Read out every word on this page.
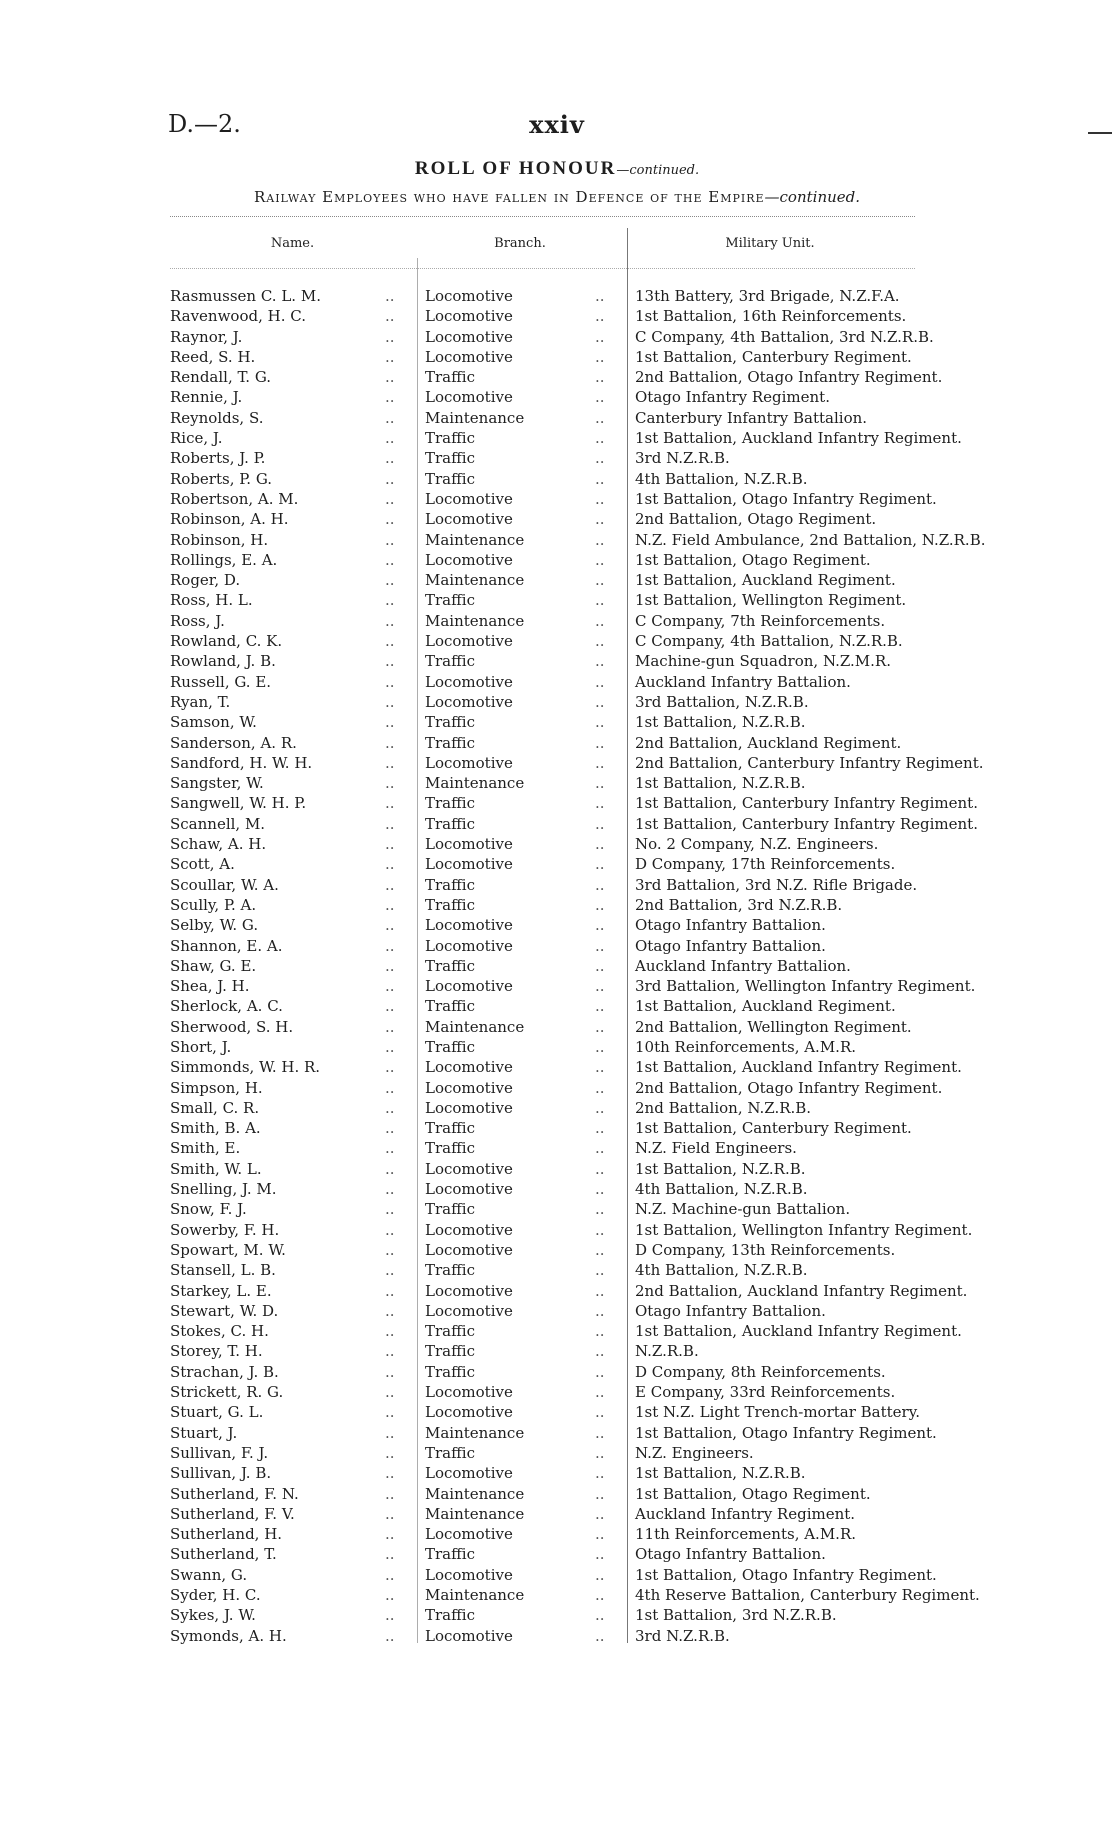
D.—2.	xxiv
ROLL OF HONOUR—continued.
Railway Employees who have fallen in Defence of the Empire—continued.
Name.	Branch.	Military Unit.
Rasmussen C. L. M.	.. Locomotive	.. 13th Battery, 3rd Brigade, N.Z.F.A.
Ravenwood, H. C.	.. Locomotive	.. 1st Battalion, 16th Reinforcements.
Raynor, J.	.. Locomotive	.. C Company, 4th Battalion, 3rd N.Z.R.B.
Reed, S. H.	.. Locomotive	.. 1st Battalion, Canterbury Regiment.
Rendall, T. G.	.. Traffic	.. 2nd Battalion, Otago Infantry Regiment.
Rennie, J.	.. Locomotive	.. Otago Infantry Regiment.
Reynolds, S.	.. Maintenance	.. Canterbury Infantry Battalion.
Rice, J.	.. Traffic	.. 1st Battalion, Auckland Infantry Regiment.
Roberts, J. P.	.. Traffic	.. 3rd N.Z.R.B.
Roberts, P. G.	.. Traffic	.. 4th Battalion, N.Z.R.B.
Robertson, A. M.	.. Locomotive	.. 1st Battalion, Otago Infantry Regiment.
Robinson, A. H.	.. Locomotive	.. 2nd Battalion, Otago Regiment.
Robinson, H.	.. Maintenance	.. N.Z. Field Ambulance, 2nd Battalion, N.Z.R.B.
Rollings, E. A.	.. Locomotive	.. 1st Battalion, Otago Regiment.
Roger, D.	.. Maintenance	.. 1st Battalion, Auckland Regiment.
Ross, H. L.	.. Traffic	.. 1st Battalion, Wellington Regiment.
Ross, J.	.. Maintenance	.. C Company, 7th Reinforcements.
Rowland, C. K.	.. Locomotive	.. C Company, 4th Battalion, N.Z.R.B.
Rowland, J. B.	.. Traffic	.. Machine-gun Squadron, N.Z.M.R.
Russell, G. E.	.. Locomotive	.. Auckland Infantry Battalion.
Ryan, T.	.. Locomotive	.. 3rd Battalion, N.Z.R.B.
Samson, W.	.. Traffic	.. 1st Battalion, N.Z.R.B.
Sanderson, A. R.	.. Traffic	.. 2nd Battalion, Auckland Regiment.
Sandford, H. W. H.	.. Locomotive	.. 2nd Battalion, Canterbury Infantry Regiment.
Sangster, W.	.. Maintenance	.. 1st Battalion, N.Z.R.B.
Sangwell, W. H. P.	.. Traffic	.. 1st Battalion, Canterbury Infantry Regiment.
Scannell, M.	.. Traffic	.. 1st Battalion, Canterbury Infantry Regiment.
Schaw, A. H.	.. Locomotive	.. No. 2 Company, N.Z. Engineers.
Scott, A.	.. Locomotive	.. D Company, 17th Reinforcements.
Scoullar, W. A.	.. Traffic	.. 3rd Battalion, 3rd N.Z. Rifle Brigade.
Scully, P. A.	.. Traffic	.. 2nd Battalion, 3rd N.Z.R.B.
Selby, W. G.	.. Locomotive	.. Otago Infantry Battalion.
Shannon, E. A.	.. Locomotive	.. Otago Infantry Battalion.
Shaw, G. E.	.. Traffic	.. Auckland Infantry Battalion.
Shea, J. H.	.. Locomotive	.. 3rd Battalion, Wellington Infantry Regiment.
Sherlock, A. C.	.. Traffic	.. 1st Battalion, Auckland Regiment.
Sherwood, S. H.	.. Maintenance	.. 2nd Battalion, Wellington Regiment.
Short, J.	.. Traffic	.. 10th Reinforcements, A.M.R.
Simmonds, W. H. R.	.. Locomotive	.. 1st Battalion, Auckland Infantry Regiment.
Simpson, H.	.. Locomotive	.. 2nd Battalion, Otago Infantry Regiment.
Small, C. R.	.. Locomotive	.. 2nd Battalion, N.Z.R.B.
Smith, B. A.	.. Traffic	.. 1st Battalion, Canterbury Regiment.
Smith, E.	.. Traffic	.. N.Z. Field Engineers.
Smith, W. L.	.. Locomotive	.. 1st Battalion, N.Z.R.B.
Snelling, J. M.	.. Locomotive	.. 4th Battalion, N.Z.R.B.
Snow, F. J.	.. Traffic	.. N.Z. Machine-gun Battalion.
Sowerby, F. H.	.. Locomotive	.. 1st Battalion, Wellington Infantry Regiment.
Spowart, M. W.	.. Locomotive	.. D Company, 13th Reinforcements.
Stansell, L. B.	.. Traffic	.. 4th Battalion, N.Z.R.B.
Starkey, L. E.	.. Locomotive	.. 2nd Battalion, Auckland Infantry Regiment.
Stewart, W. D.	.. Locomotive	.. Otago Infantry Battalion.
Stokes, C. H.	.. Traffic	.. 1st Battalion, Auckland Infantry Regiment.
Storey, T. H.	.. Traffic	.. N.Z.R.B.
Strachan, J. B.	.. Traffic	.. D Company, 8th Reinforcements.
Strickett, R. G.	.. Locomotive	.. E Company, 33rd Reinforcements.
Stuart, G. L.	.. Locomotive	.. 1st N.Z. Light Trench-mortar Battery.
Stuart, J.	.. Maintenance	.. 1st Battalion, Otago Infantry Regiment.
Sullivan, F. J.	.. Traffic	.. N.Z. Engineers.
Sullivan, J. B.	.. Locomotive	.. 1st Battalion, N.Z.R.B.
Sutherland, F. N.	.. Maintenance	.. 1st Battalion, Otago Regiment.
Sutherland, F. V.	.. Maintenance	.. Auckland Infantry Regiment.
Sutherland, H.	.. Locomotive	.. 11th Reinforcements, A.M.R.
Sutherland, T.	.. Traffic	.. Otago Infantry Battalion.
Swann, G.	.. Locomotive	.. 1st Battalion, Otago Infantry Regiment.
Syder, H. C.	.. Maintenance	.. 4th Reserve Battalion, Canterbury Regiment.
Sykes, J. W.	.. Traffic	.. 1st Battalion, 3rd N.Z.R.B.
Symonds, A. H.	.. Locomotive	.. 3rd N.Z.R.B.
